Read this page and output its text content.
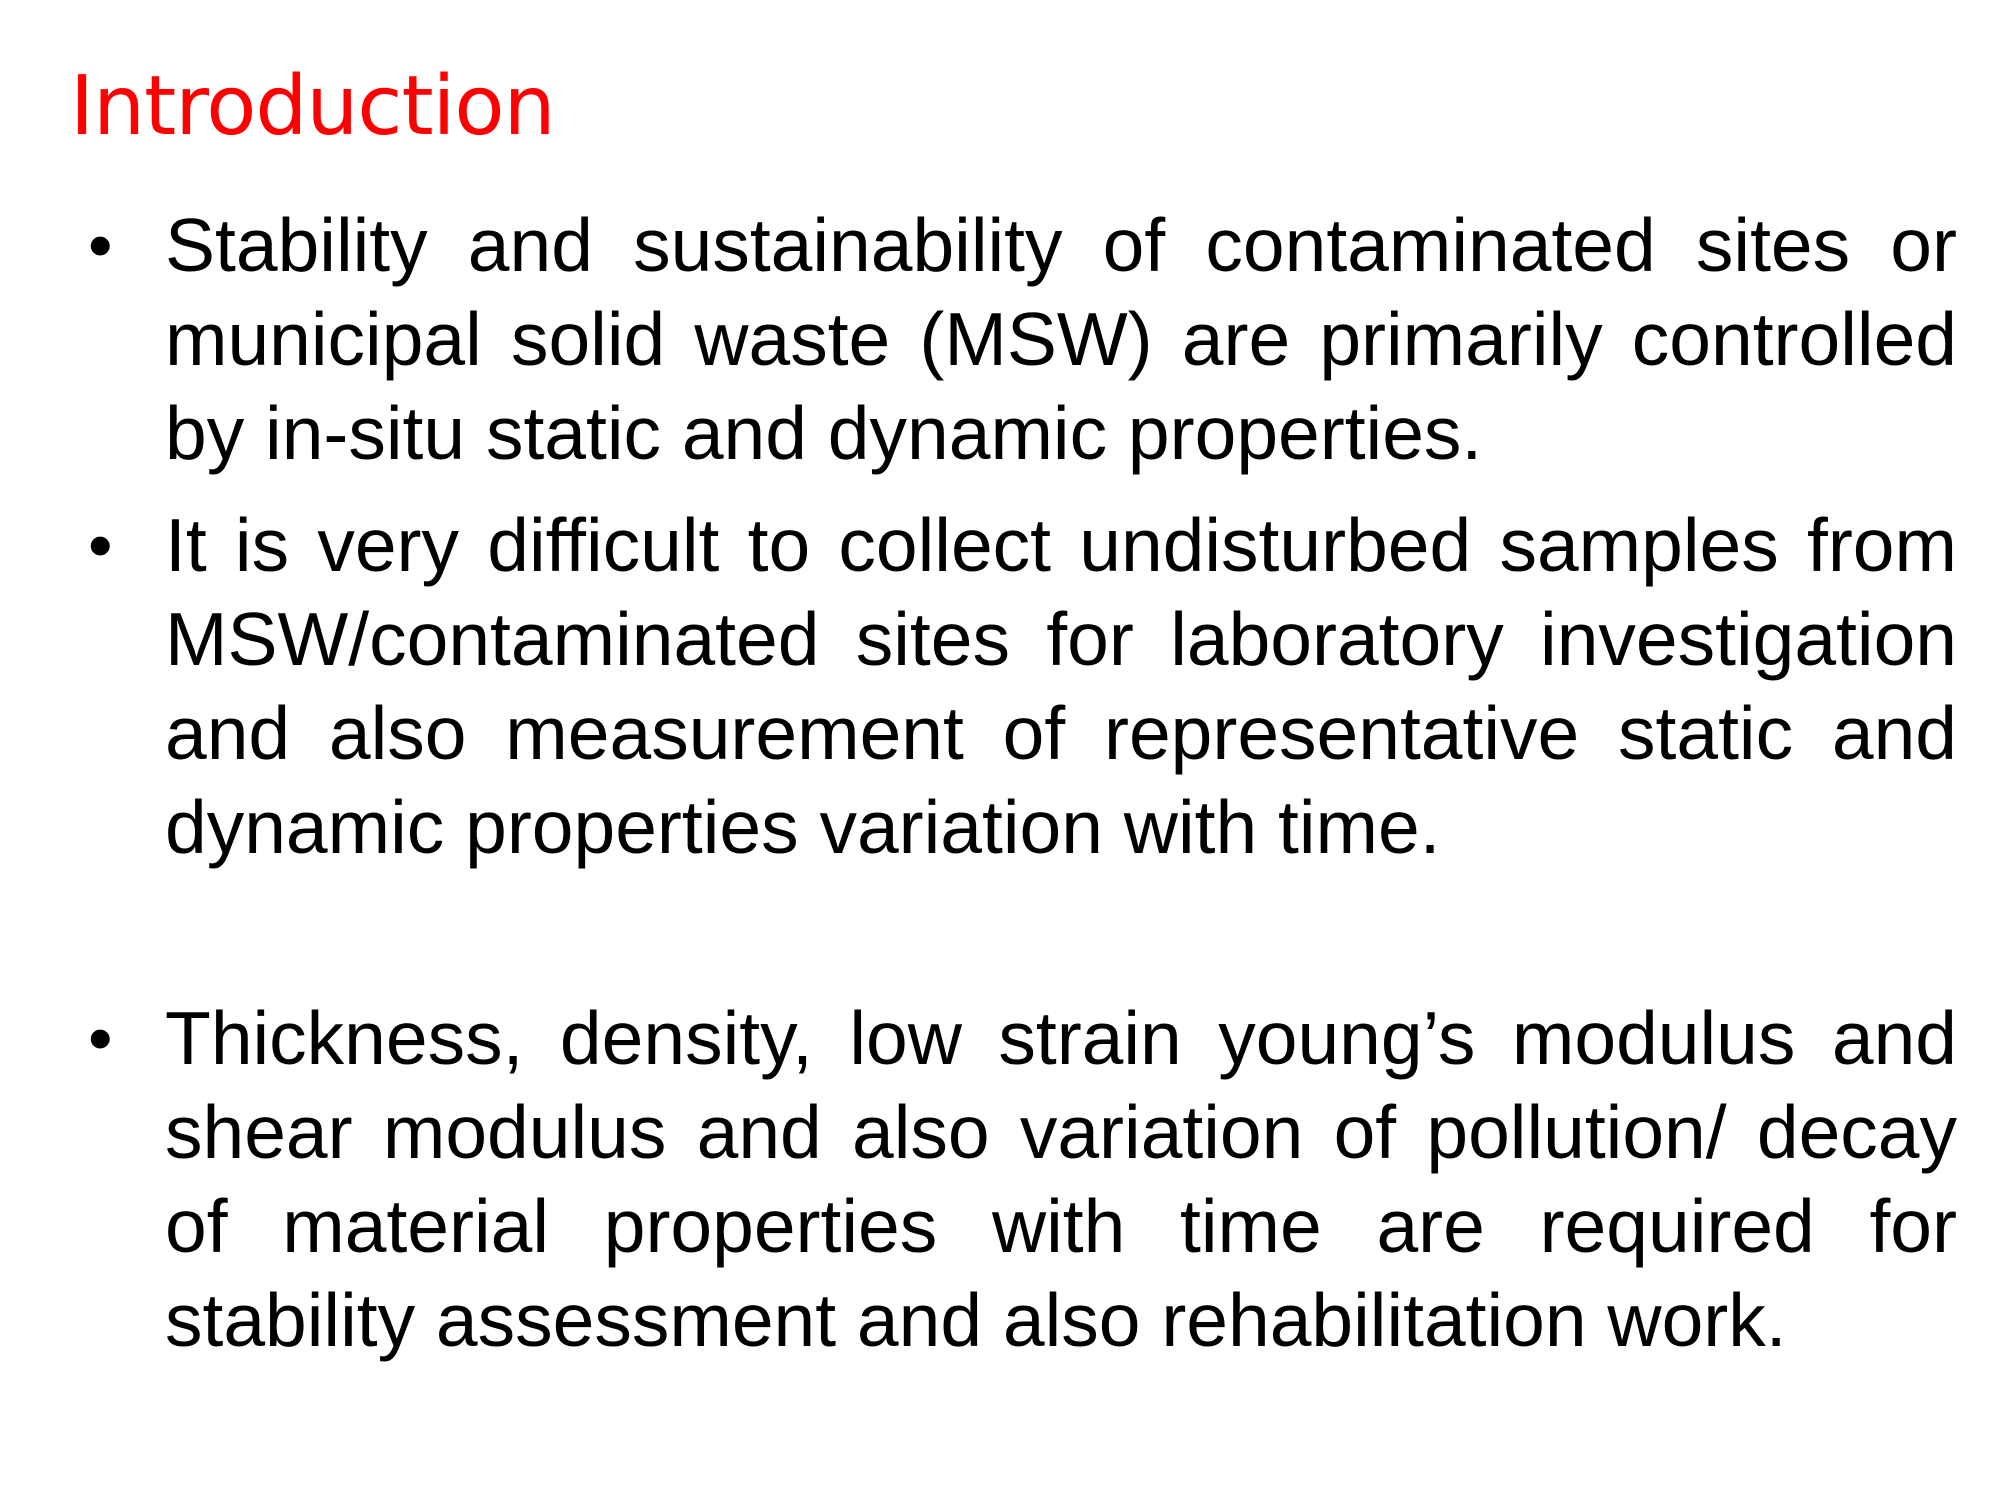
Introduction
• Stability and sustainability of contaminated sites or municipal solid waste (MSW) are primarily controlled by in-situ static and dynamic properties.

• It is very difficult to collect undisturbed samples from MSW/contaminated sites for laboratory investigation and also measurement of representative static and dynamic properties variation with time.

• Thickness, density, low strain young’s modulus and shear modulus and also variation of pollution/ decay of material properties with time are required for stability assessment and also rehabilitation work.
